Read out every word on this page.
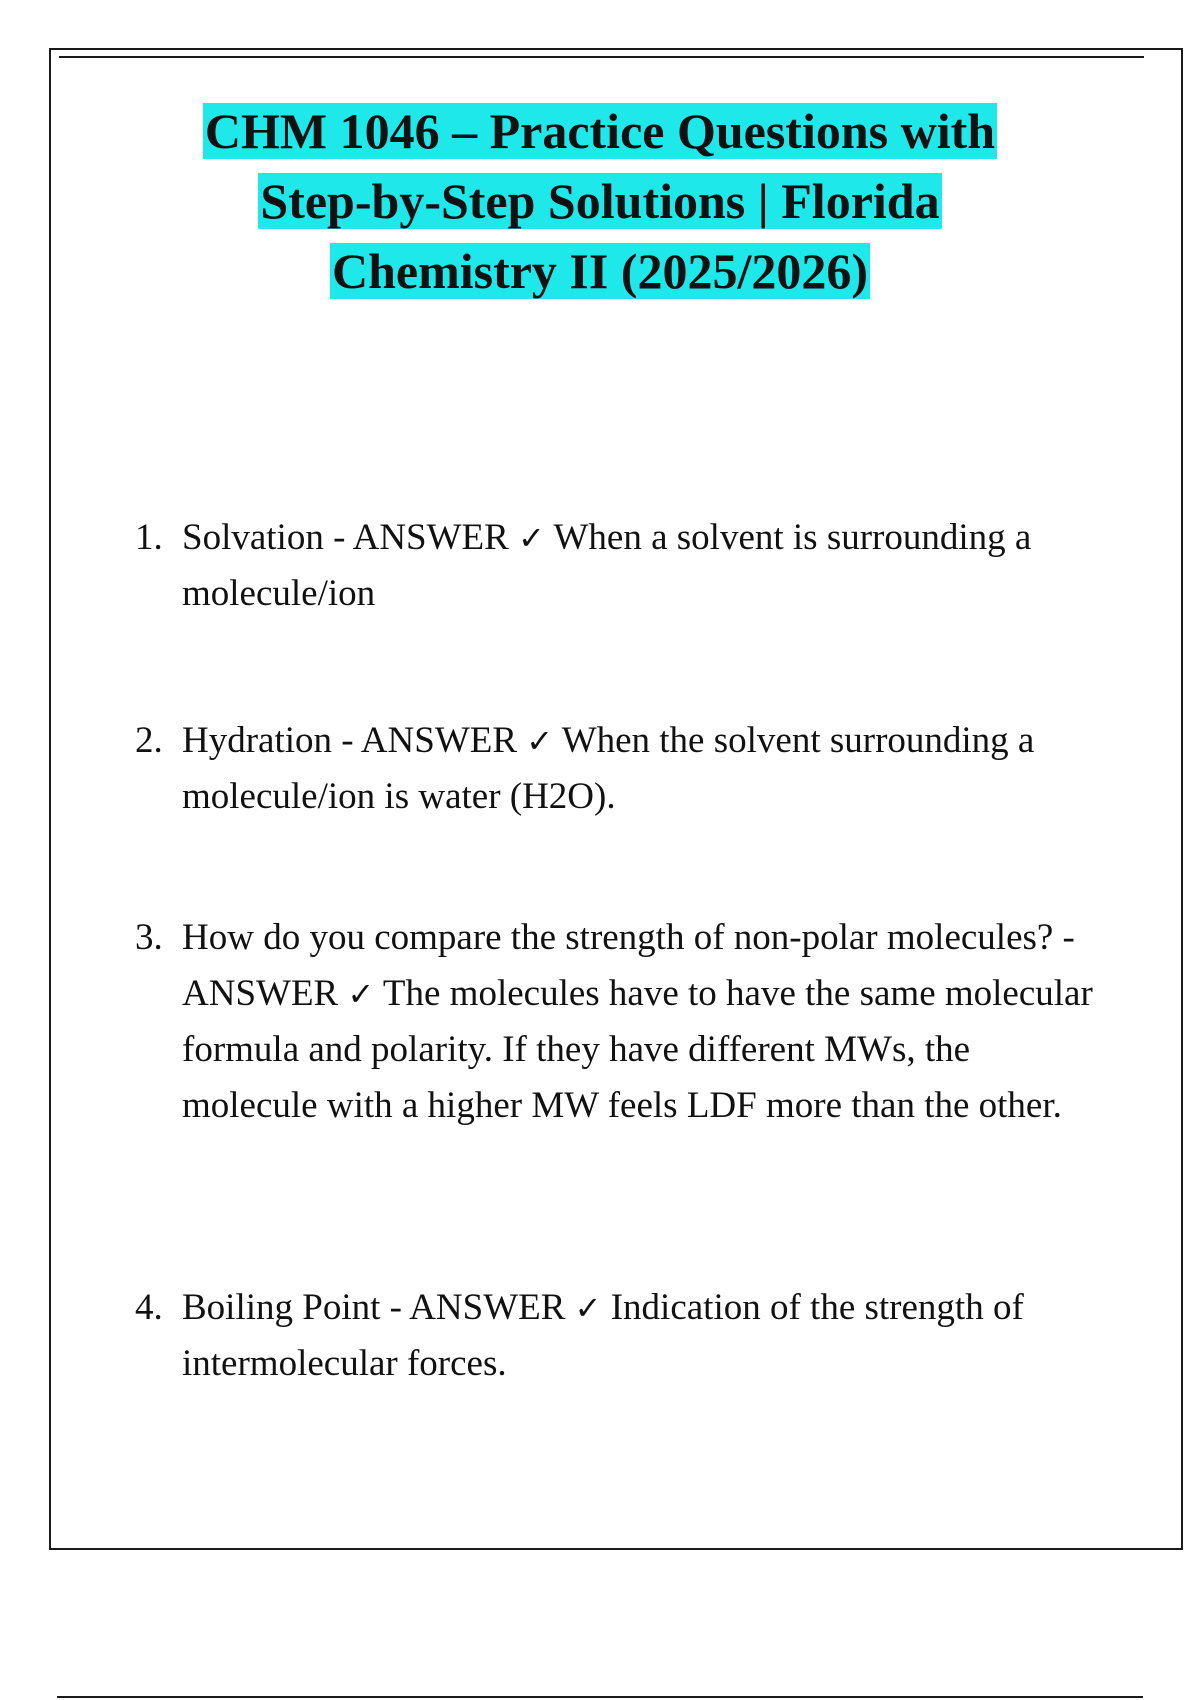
CHM 1046 – Practice Questions with
Step-by-Step Solutions | Florida
Chemistry II (2025/2026)
1. Solvation - ANSWER ✓ When a solvent is surrounding a molecule/ion
2. Hydration - ANSWER ✓ When the solvent surrounding a molecule/ion is water (H2O).
3. How do you compare the strength of non-polar molecules? - ANSWER ✓ The molecules have to have the same molecular formula and polarity. If they have different MWs, the molecule with a higher MW feels LDF more than the other.
4. Boiling Point - ANSWER ✓ Indication of the strength of intermolecular forces.
